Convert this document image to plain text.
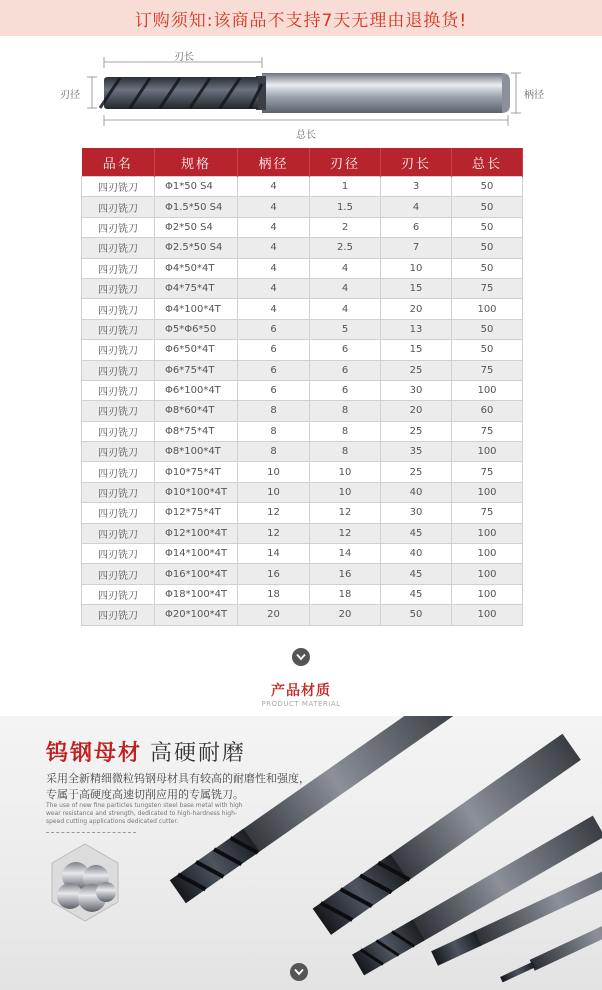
订购须知:该商品不支持7天无理由退换货!
刃长
刃径	柄径
总长
品名	规格	柄径	刃径	刃长	总长
四刃铣刀	Φ1*50 S4	4	1	3	50
四刃铣刀	Φ1.5*50 S4	4	1.5	4	50
四刃铣刀	Φ2*50 S4	4	2	6	50
四刃铣刀	Φ2.5*50 S4	4	2.5	7	50
四刃铣刀	Φ4*50*4T	4	4	10	50
四刃铣刀	Φ4*75*4T	4	4	15	75
四刃铣刀	Φ4*100*4T	4	4	20	100
四刃铣刀	Φ5*Φ6*50	6	5	13	50
四刃铣刀	Φ6*50*4T	6	6	15	50
四刃铣刀	Φ6*75*4T	6	6	25	75
四刃铣刀	Φ6*100*4T	6	6	30	100
四刃铣刀	Φ8*60*4T	8	8	20	60
四刃铣刀	Φ8*75*4T	8	8	25	75
四刃铣刀	Φ8*100*4T	8	8	35	100
四刃铣刀	Φ10*75*4T	10	10	25	75
四刃铣刀	Φ10*100*4T	10	10	40	100
四刃铣刀	Φ12*75*4T	12	12	30	75
四刃铣刀	Φ12*100*4T	12	12	45	100
四刃铣刀	Φ14*100*4T	14	14	40	100
四刃铣刀	Φ16*100*4T	16	16	45	100
四刃铣刀	Φ18*100*4T	18	18	45	100
四刃铣刀	Φ20*100*4T	20	20	50	100
产品材质
PRODUCT MATERIAL
钨钢母材 高硬耐磨
采用全新精细微粒钨钢母材具有较高的耐磨性和强度，
专属于高硬度高速切削应用的专属铣刀。
The use of new fine particles tungsten steel base metal with high wear resistance and strength, dedicated to high-hardness high-speed cutting applications dedicated cutter.
